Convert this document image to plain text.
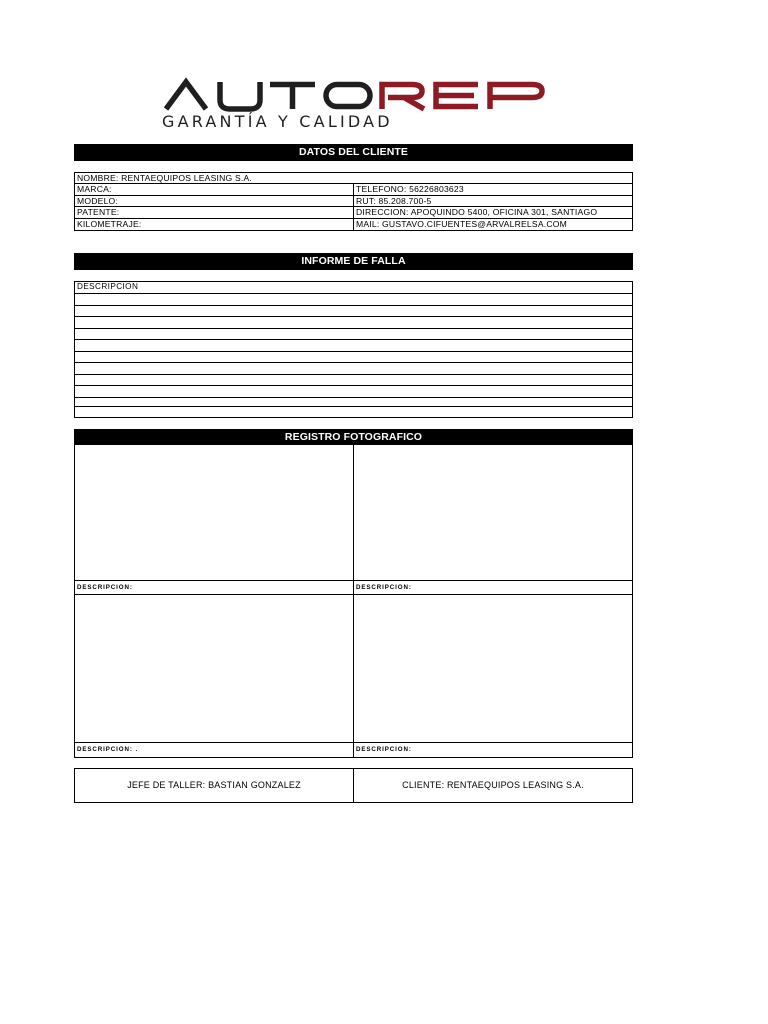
GARANTÍA Y CALIDAD
DATOS DEL CLIENTE
NOMBRE: RENTAEQUIPOS LEASING S.A.
MARCA:	TELEFONO: 56226803623
MODELO:	RUT: 85.208.700-5
PATENTE:	DIRECCION: APOQUINDO 5400, OFICINA 301, SANTIAGO
KILOMETRAJE:	MAIL: GUSTAVO.CIFUENTES@ARVALRELSA.COM
INFORME DE FALLA
DESCRIPCION
REGISTRO FOTOGRAFICO
DESCRIPCION:	DESCRIPCION:
DESCRIPCION: .	DESCRIPCION:
JEFE DE TALLER: BASTIAN GONZALEZ	CLIENTE: RENTAEQUIPOS LEASING S.A.
